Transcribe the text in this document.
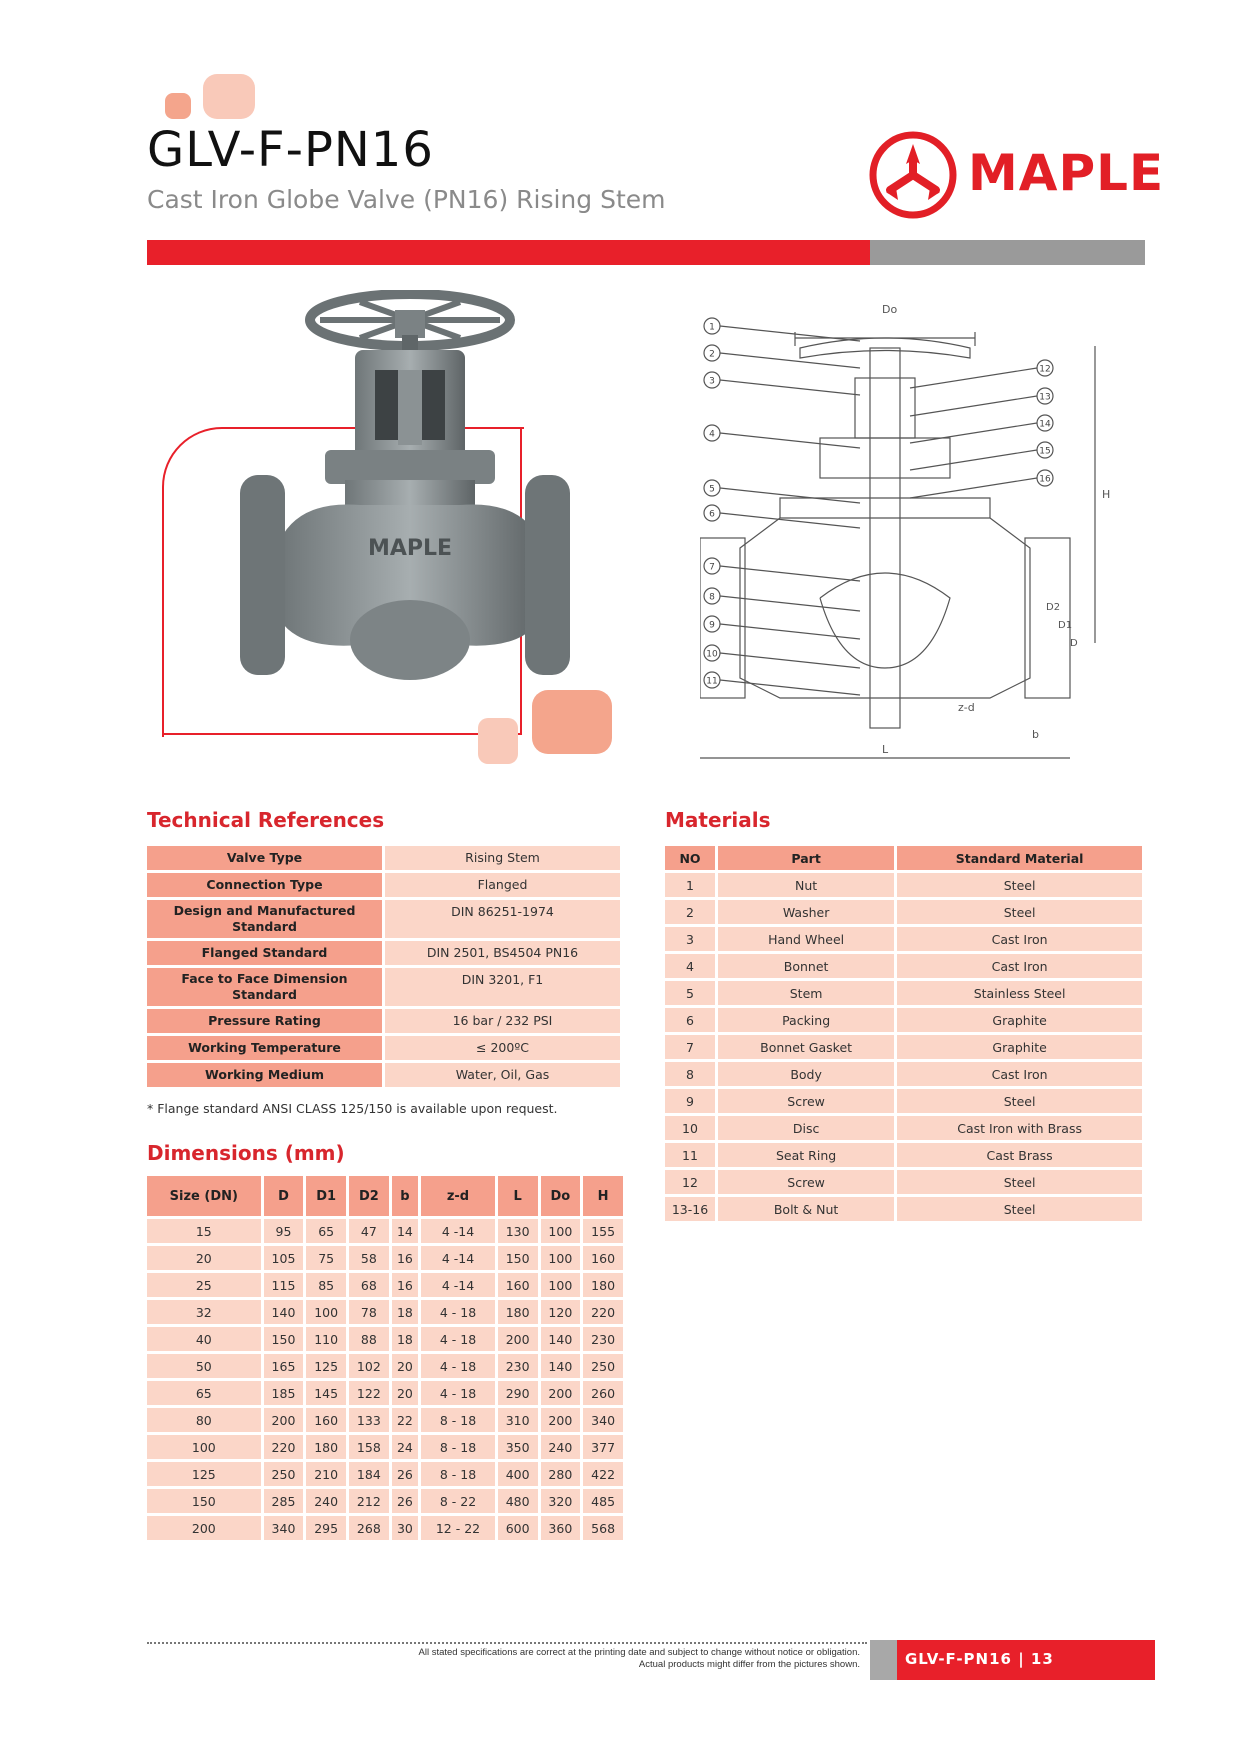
GLV-F-PN16
Cast Iron Globe Valve (PN16) Rising Stem	MAPLE
MAPLE
Do
L
H
b
z-d
D2
D1
D
1
2
3
4
5
6
7
8
9
10
11
12
13
14
15
16
Technical References
Valve Type	Rising Stem
Connection Type	Flanged
Design and Manufactured Standard	DIN 86251-1974
Flanged Standard	DIN 2501, BS4504 PN16
Face to Face Dimension Standard	DIN 3201, F1
Pressure Rating	16 bar / 232 PSI
Working Temperature	≤ 200ºC
Working Medium	Water, Oil, Gas
* Flange standard ANSI CLASS 125/150 is available upon request.
Dimensions (mm)
Size (DN)	D	D1	D2	b	z-d	L	Do	H
15	95	65	47	14	4 -14	130	100	155
20	105	75	58	16	4 -14	150	100	160
25	115	85	68	16	4 -14	160	100	180
32	140	100	78	18	4 - 18	180	120	220
40	150	110	88	18	4 - 18	200	140	230
50	165	125	102	20	4 - 18	230	140	250
65	185	145	122	20	4 - 18	290	200	260
80	200	160	133	22	8 - 18	310	200	340
100	220	180	158	24	8 - 18	350	240	377
125	250	210	184	26	8 - 18	400	280	422
150	285	240	212	26	8 - 22	480	320	485
200	340	295	268	30	12 - 22	600	360	568
Materials
NO	Part	Standard Material
1	Nut	Steel
2	Washer	Steel
3	Hand Wheel	Cast Iron
4	Bonnet	Cast Iron
5	Stem	Stainless Steel
6	Packing	Graphite
7	Bonnet Gasket	Graphite
8	Body	Cast Iron
9	Screw	Steel
10	Disc	Cast Iron with Brass
11	Seat Ring	Cast Brass
12	Screw	Steel
13-16	Bolt & Nut	Steel
All stated specifications are correct at the printing date and subject to change without notice or obligation.
Actual products might differ from the pictures shown.	GLV-F-PN16 | 13
